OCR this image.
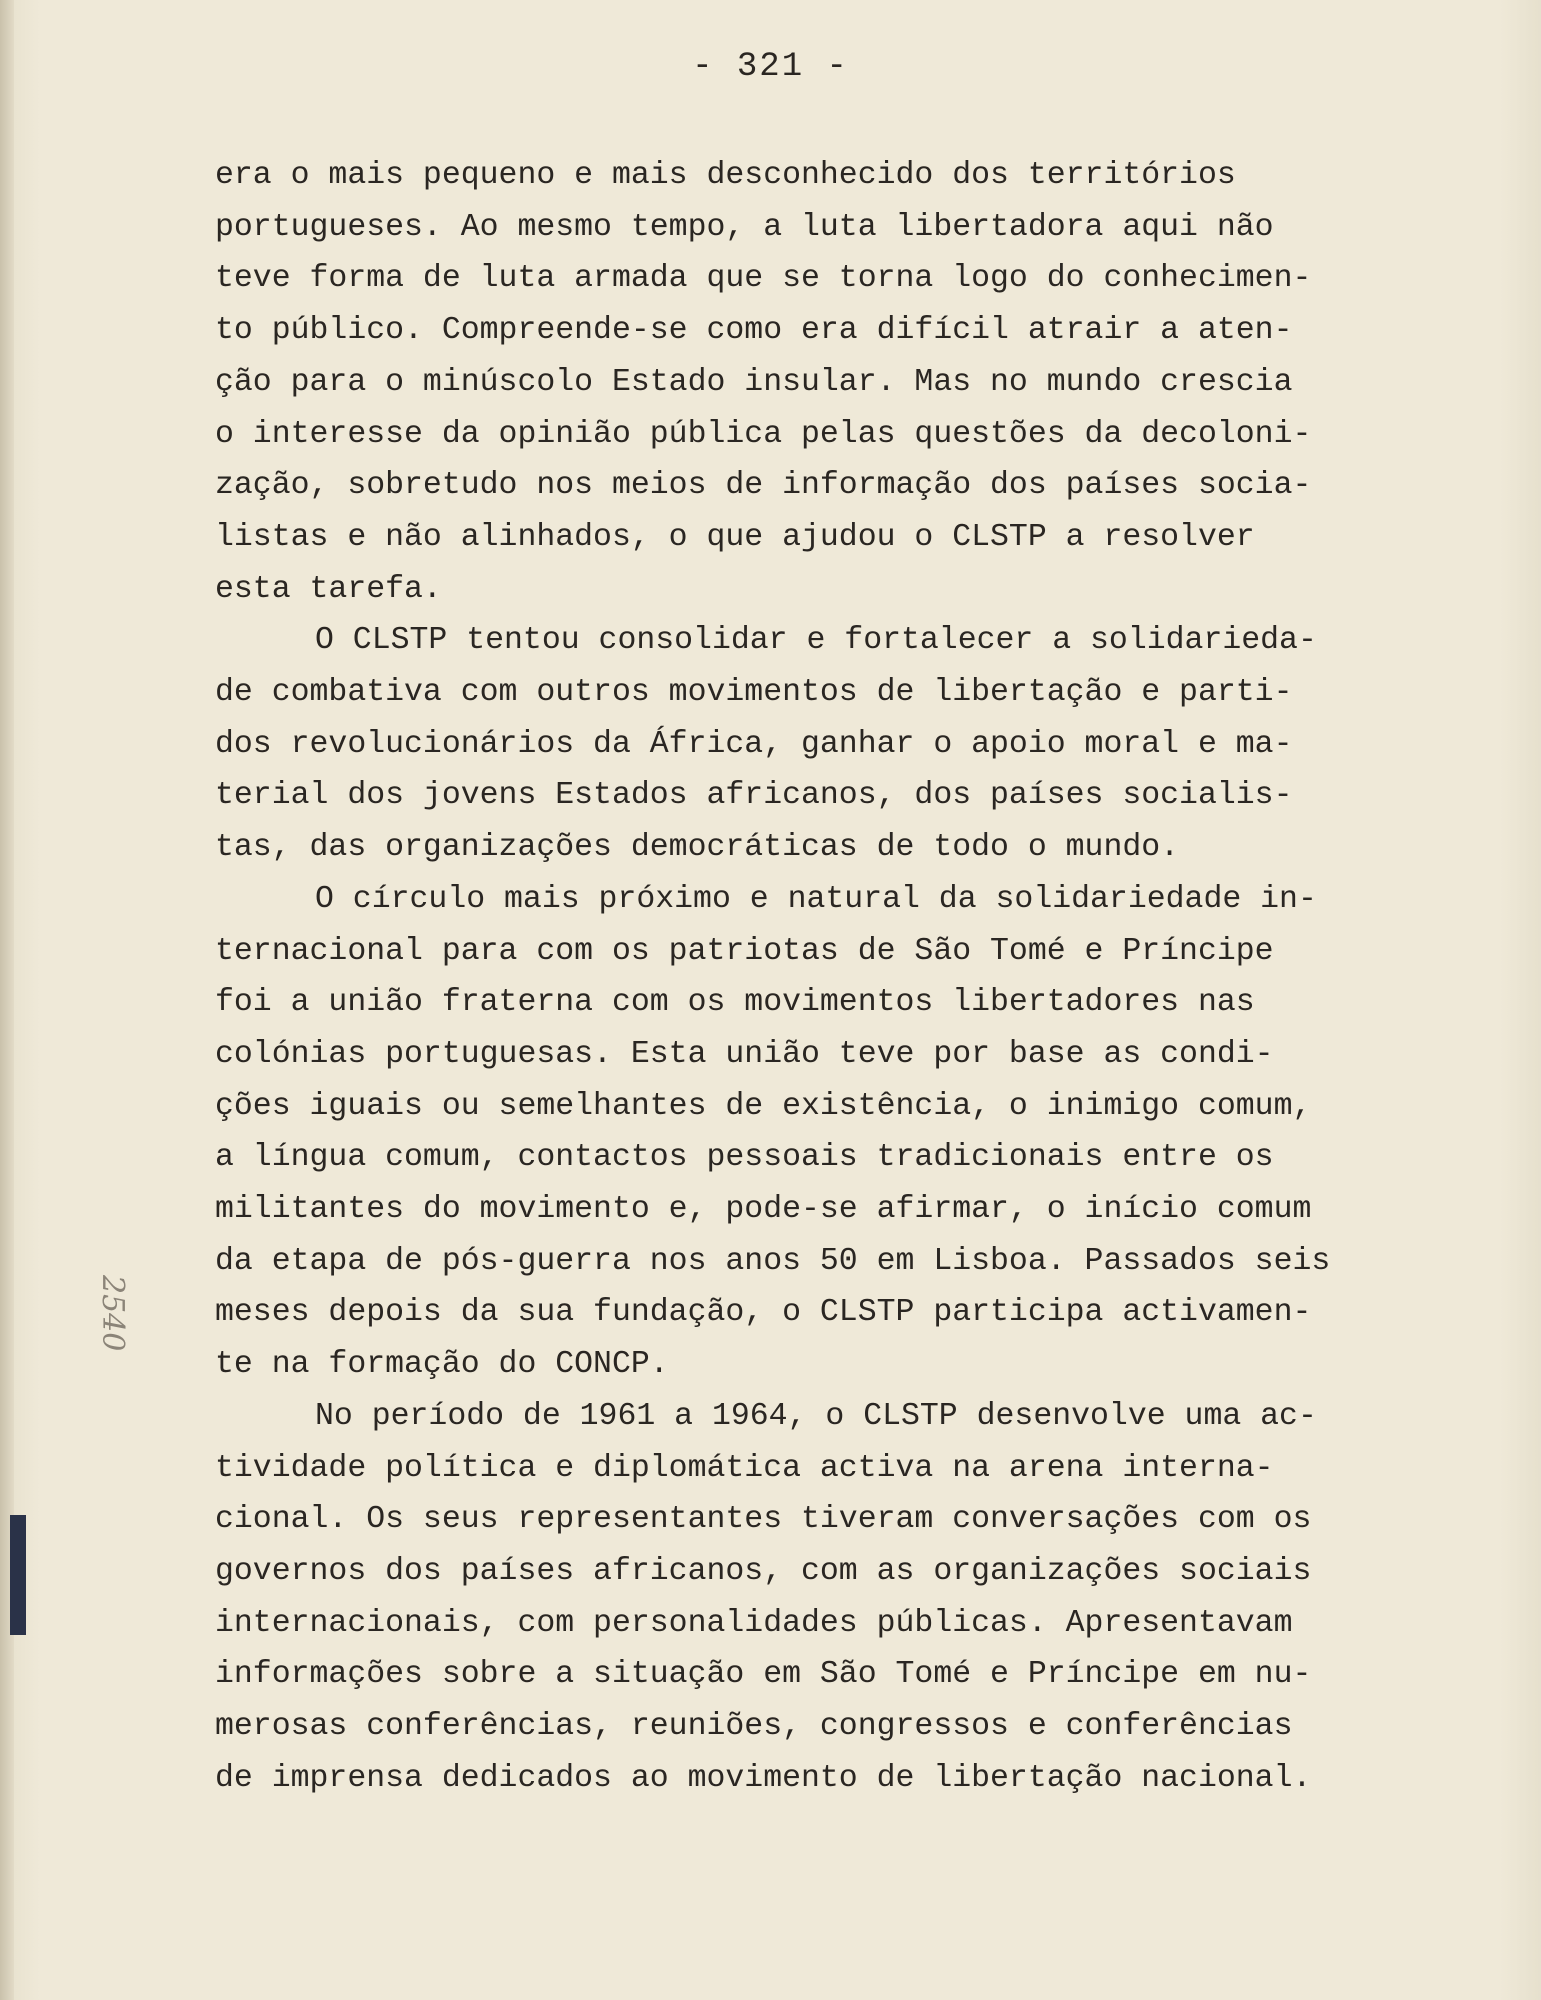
- 321 -
2540
era o mais pequeno e mais desconhecido dos territórios
portugueses. Ao mesmo tempo, a luta libertadora aqui não
teve forma de luta armada que se torna logo do conhecimen-
to público. Compreende-se como era difícil atrair a aten-
ção para o minúscolo Estado insular. Mas no mundo crescia
o interesse da opinião pública pelas questões da decoloni-
zação, sobretudo nos meios de informação dos países socia-
listas e não alinhados, o que ajudou o CLSTP a resolver
esta tarefa.
O CLSTP tentou consolidar e fortalecer a solidarieda-
de combativa com outros movimentos de libertação e parti-
dos revolucionários da África, ganhar o apoio moral e ma-
terial dos jovens Estados africanos, dos países socialis-
tas, das organizações democráticas de todo o mundo.
O círculo mais próximo e natural da solidariedade in-
ternacional para com os patriotas de São Tomé e Príncipe
foi a união fraterna com os movimentos libertadores nas
colónias portuguesas. Esta união teve por base as condi-
ções iguais ou semelhantes de existência, o inimigo comum,
a língua comum, contactos pessoais tradicionais entre os
militantes do movimento e, pode-se afirmar, o início comum
da etapa de pós-guerra nos anos 50 em Lisboa. Passados seis
meses depois da sua fundação, o CLSTP participa activamen-
te na formação do CONCP.
No período de 1961 a 1964, o CLSTP desenvolve uma ac-
tividade política e diplomática activa na arena interna-
cional. Os seus representantes tiveram conversações com os
governos dos países africanos, com as organizações sociais
internacionais, com personalidades públicas. Apresentavam
informações sobre a situação em São Tomé e Príncipe em nu-
merosas conferências, reuniões, congressos e conferências
de imprensa dedicados ao movimento de libertação nacional.
